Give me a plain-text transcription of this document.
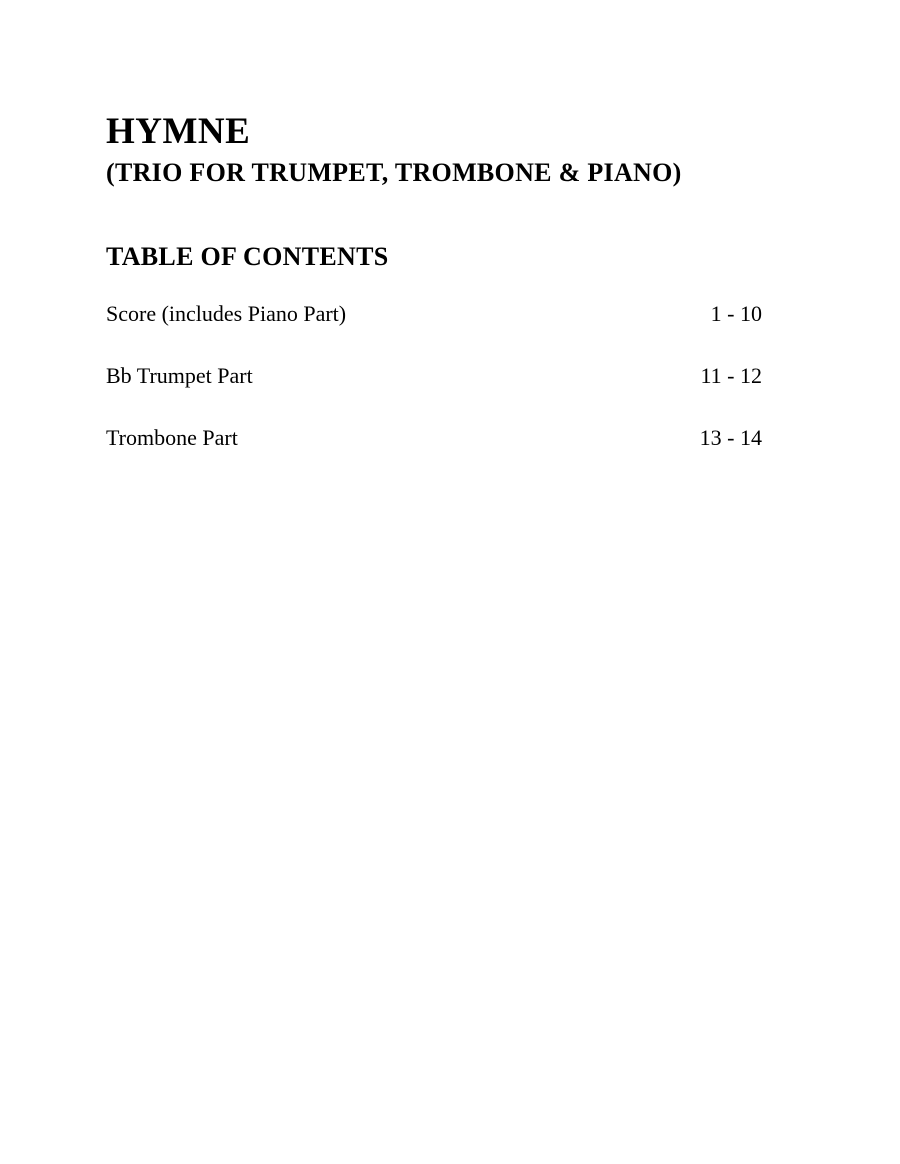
HYMNE
(TRIO FOR TRUMPET, TROMBONE & PIANO)
TABLE OF CONTENTS
Score (includes Piano Part)	1 - 10
Bb Trumpet Part	11 - 12
Trombone Part	13 - 14
